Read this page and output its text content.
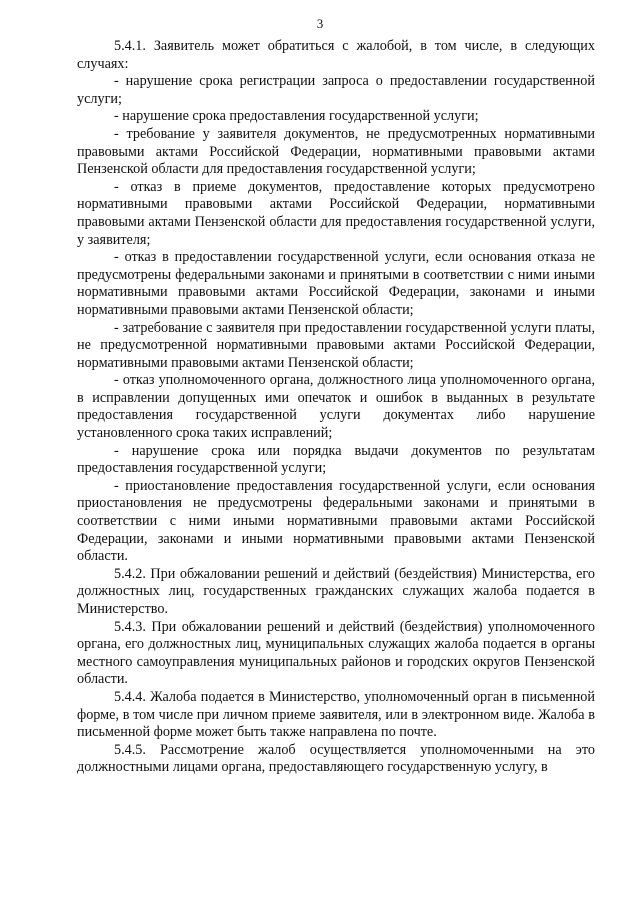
3

5.4.1. Заявитель может обратиться с жалобой, в том числе, в следующих случаях:

- нарушение срока регистрации запроса о предоставлении государственной услуги;

- нарушение срока предоставления государственной услуги;

- требование у заявителя документов, не предусмотренных нормативными правовыми актами Российской Федерации, нормативными правовыми актами Пензенской области для предоставления государственной услуги;

- отказ в приеме документов, предоставление которых предусмотрено нормативными правовыми актами Российской Федерации, нормативными правовыми актами Пензенской области для предоставления государственной услуги, у заявителя;

- отказ в предоставлении государственной услуги, если основания отказа не предусмотрены федеральными законами и принятыми в соответствии с ними иными нормативными правовыми актами Российской Федерации, законами и иными нормативными правовыми актами Пензенской области;

- затребование с заявителя при предоставлении государственной услуги платы, не предусмотренной нормативными правовыми актами Российской Федерации, нормативными правовыми актами Пензенской области;

- отказ уполномоченного органа, должностного лица уполномоченного органа, в исправлении допущенных ими опечаток и ошибок в выданных в результате предоставления государственной услуги документах либо нарушение установленного срока таких исправлений;

- нарушение срока или порядка выдачи документов по результатам предоставления государственной услуги;

- приостановление предоставления государственной услуги, если основания приостановления не предусмотрены федеральными законами и принятыми в соответствии с ними иными нормативными правовыми актами Российской Федерации, законами и иными нормативными правовыми актами Пензенской области.

5.4.2. При обжаловании решений и действий (бездействия) Министерства, его должностных лиц, государственных гражданских служащих жалоба подается в Министерство.

5.4.3. При обжаловании решений и действий (бездействия) уполномоченного органа, его должностных лиц, муниципальных служащих жалоба подается в органы местного самоуправления муниципальных районов и городских округов Пензенской области.

5.4.4. Жалоба подается в Министерство, уполномоченный орган в письменной форме, в том числе при личном приеме заявителя, или в электронном виде. Жалоба в письменной форме может быть также направлена по почте.

5.4.5. Рассмотрение жалоб осуществляется уполномоченными на это должностными лицами органа, предоставляющего государственную услугу, в
